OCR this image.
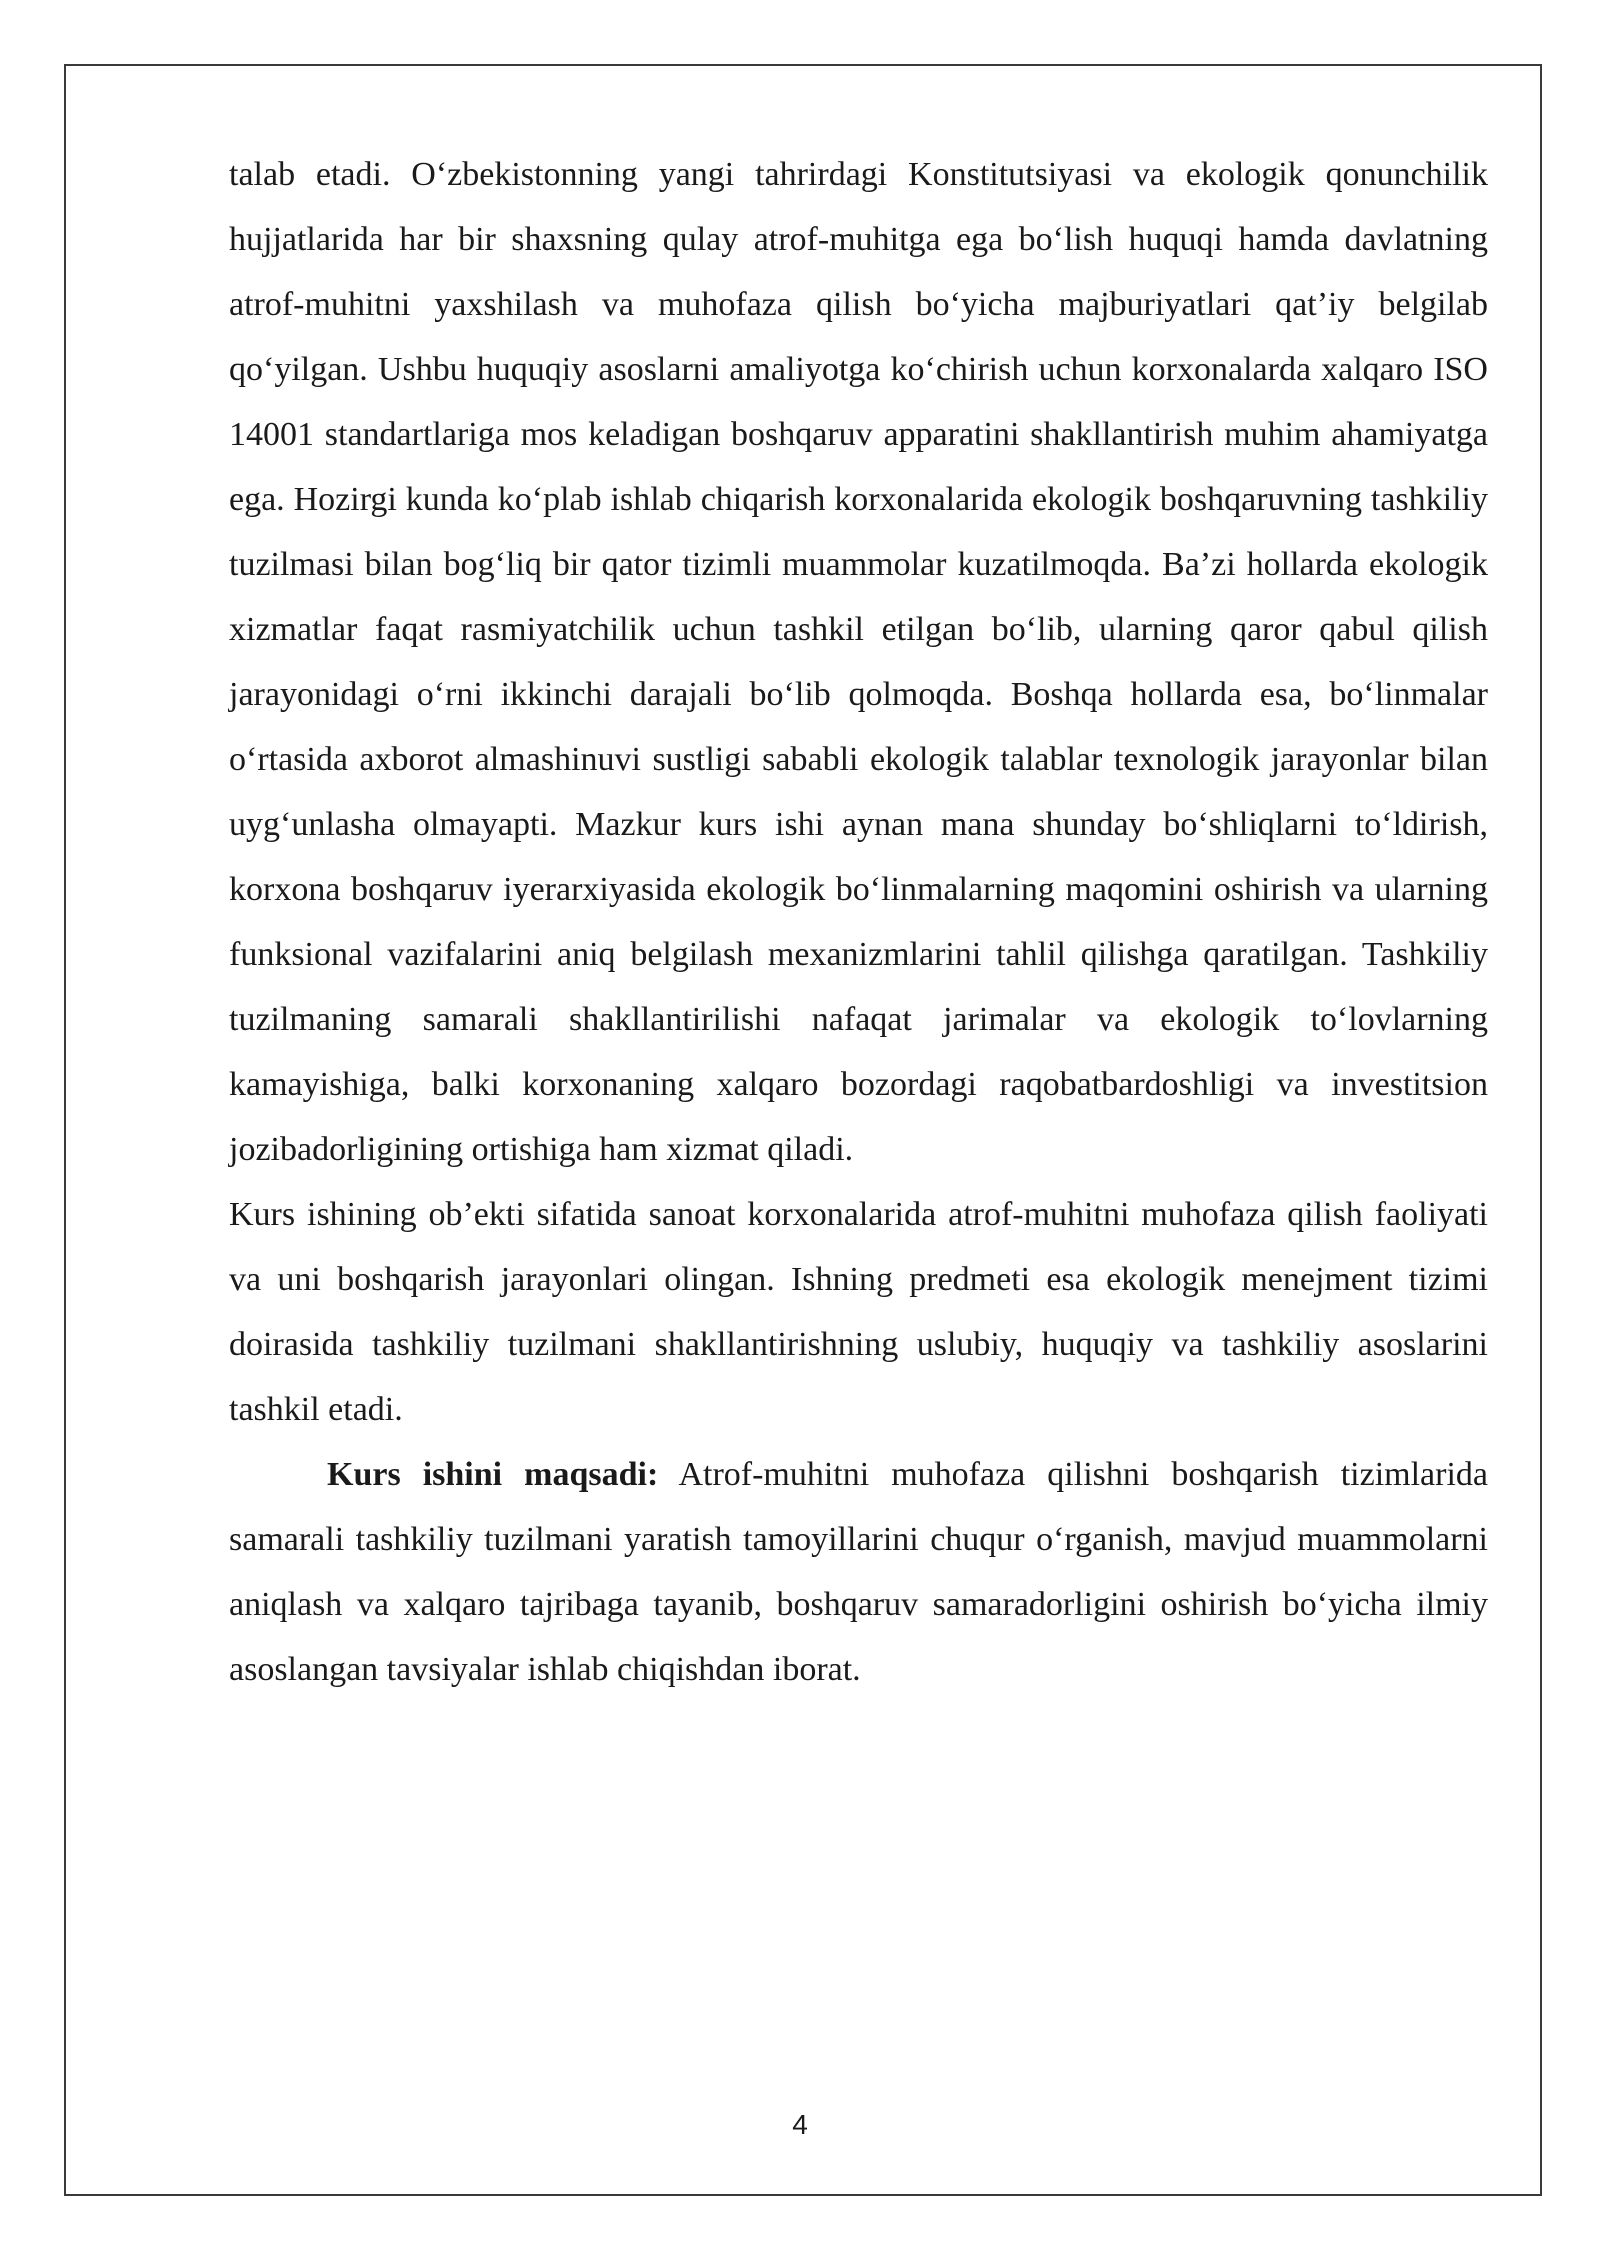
talab etadi. O‘zbekistonning yangi tahrirdagi Konstitutsiyasi va ekologik qonunchilik hujjatlarida har bir shaxsning qulay atrof-muhitga ega bo‘lish huquqi hamda davlatning atrof-muhitni yaxshilash va muhofaza qilish bo‘yicha majburiyatlari qat’iy belgilab qo‘yilgan. Ushbu huquqiy asoslarni amaliyotga ko‘chirish uchun korxonalarda xalqaro ISO 14001 standartlariga mos keladigan boshqaruv apparatini shakllantirish muhim ahamiyatga ega. Hozirgi kunda ko‘plab ishlab chiqarish korxonalarida ekologik boshqaruvning tashkiliy tuzilmasi bilan bog‘liq bir qator tizimli muammolar kuzatilmoqda. Ba’zi hollarda ekologik xizmatlar faqat rasmiyatchilik uchun tashkil etilgan bo‘lib, ularning qaror qabul qilish jarayonidagi o‘rni ikkinchi darajali bo‘lib qolmoqda. Boshqa hollarda esa, bo‘linmalar o‘rtasida axborot almashinuvi sustligi sababli ekologik talablar texnologik jarayonlar bilan uyg‘unlasha olmayapti. Mazkur kurs ishi aynan mana shunday bo‘shliqlarni to‘ldirish, korxona boshqaruv iyerarxiyasida ekologik bo‘linmalarning maqomini oshirish va ularning funksional vazifalarini aniq belgilash mexanizmlarini tahlil qilishga qaratilgan. Tashkiliy tuzilmaning samarali shakllantirilishi nafaqat jarimalar va ekologik to‘lovlarning kamayishiga, balki korxonaning xalqaro bozordagi raqobatbardoshligi va investitsion jozibadorligining ortishiga ham xizmat qiladi.

Kurs ishining ob’ekti sifatida sanoat korxonalarida atrof-muhitni muhofaza qilish faoliyati va uni boshqarish jarayonlari olingan. Ishning predmeti esa ekologik menejment tizimi doirasida tashkiliy tuzilmani shakllantirishning uslubiy, huquqiy va tashkiliy asoslarini tashkil etadi.

Kurs ishini maqsadi: Atrof-muhitni muhofaza qilishni boshqarish tizimlarida samarali tashkiliy tuzilmani yaratish tamoyillarini chuqur o‘rganish, mavjud muammolarni aniqlash va xalqaro tajribaga tayanib, boshqaruv samaradorligini oshirish bo‘yicha ilmiy asoslangan tavsiyalar ishlab chiqishdan iborat.

4
